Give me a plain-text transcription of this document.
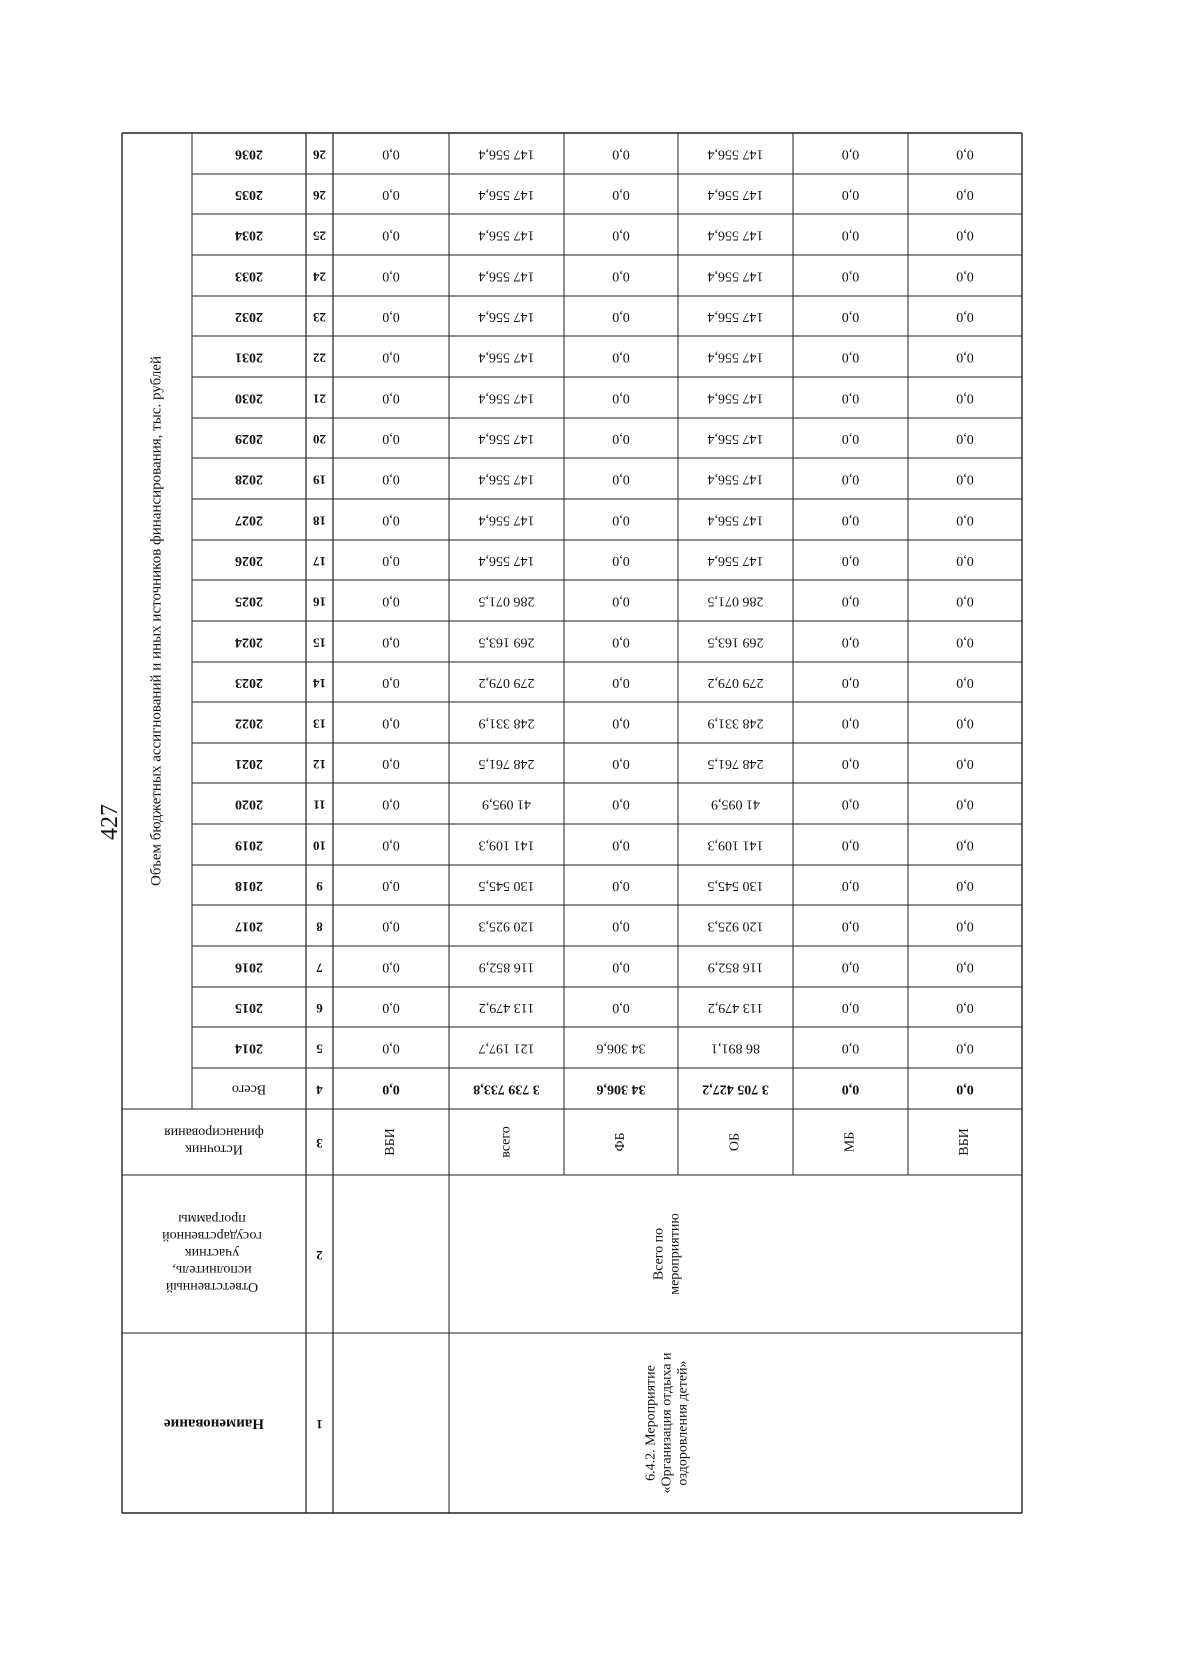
427 Объем бюджетных ассигнований и иных источников финансирования, тыс. рублей
Наименование
Ответственныйисполнитель,участникгосударственнойпрограммы
Источникфинансирования
Всего
2014
2015
2016
2017
2018
2019
2020
2021
2022
2023
2024
2025
2026
2027
2028
2029
2030
2031
2032
2033
2034
2035
2036
1
2
3
4
5
6
7
8
9
10
11
12
13
14
15
16
17
18
19
20
21
22
23
24
25
26
26
6.4.2. Мероприятие«Организация отдыха иоздоровления детей»
Всего помероприятию
ВБИ
0,0
0,0
0,0
0,0
0,0
0,0
0,0
0,0
0,0
0,0
0,0
0,0
0,0
0,0
0,0
0,0
0,0
0,0
0,0
0,0
0,0
0,0
0,0
0,0
всего
3 739 733,8
121 197,7
113 479,2
116 852,9
120 925,3
130 545,5
141 109,3
41 095,9
248 761,5
248 331,9
279 079,2
269 163,5
286 071,5
147 556,4
147 556,4
147 556,4
147 556,4
147 556,4
147 556,4
147 556,4
147 556,4
147 556,4
147 556,4
147 556,4
ФБ
34 306,6
34 306,6
0,0
0,0
0,0
0,0
0,0
0,0
0,0
0,0
0,0
0,0
0,0
0,0
0,0
0,0
0,0
0,0
0,0
0,0
0,0
0,0
0,0
0,0
ОБ
3 705 427,2
86 891,1
113 479,2
116 852,9
120 925,3
130 545,5
141 109,3
41 095,9
248 761,5
248 331,9
279 079,2
269 163,5
286 071,5
147 556,4
147 556,4
147 556,4
147 556,4
147 556,4
147 556,4
147 556,4
147 556,4
147 556,4
147 556,4
147 556,4
МБ
0,0
0,0
0,0
0,0
0,0
0,0
0,0
0,0
0,0
0,0
0,0
0,0
0,0
0,0
0,0
0,0
0,0
0,0
0,0
0,0
0,0
0,0
0,0
0,0
ВБИ
0,0
0,0
0,0
0,0
0,0
0,0
0,0
0,0
0,0
0,0
0,0
0,0
0,0
0,0
0,0
0,0
0,0
0,0
0,0
0,0
0,0
0,0
0,0
0,0
